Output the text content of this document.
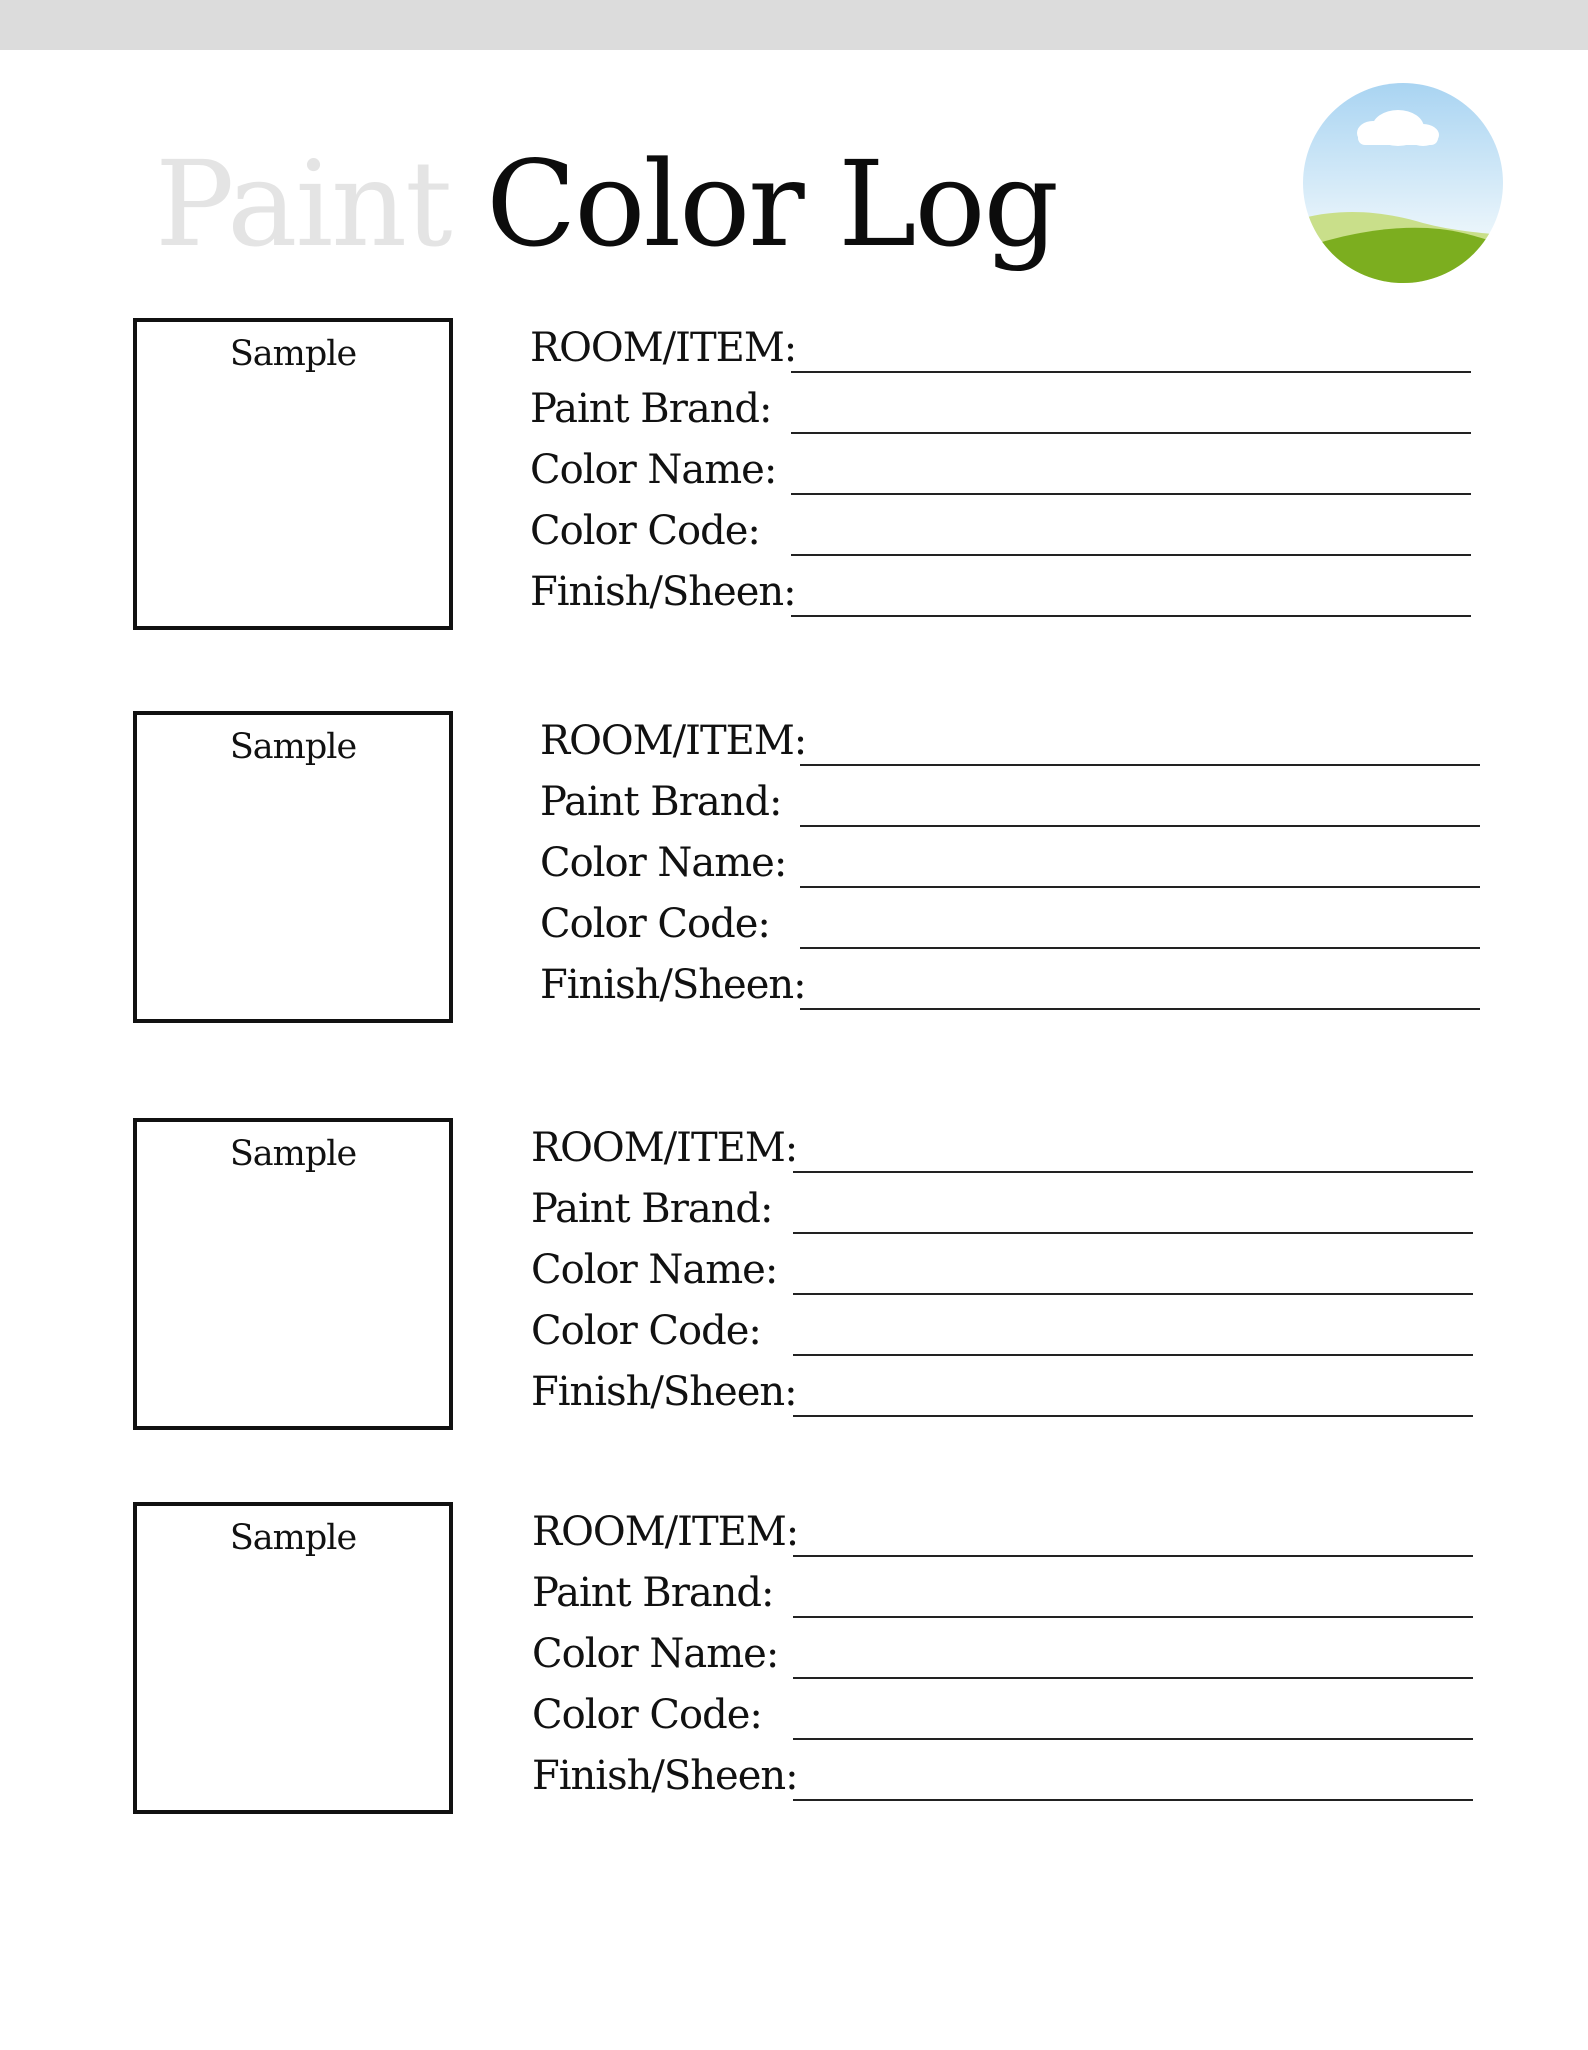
Paint Color Log
Sample	ROOM/ITEM:
Paint Brand:
Color Name:
Color Code:
Finish/Sheen:
Sample	ROOM/ITEM:
Paint Brand:
Color Name:
Color Code:
Finish/Sheen:
Sample	ROOM/ITEM:
Paint Brand:
Color Name:
Color Code:
Finish/Sheen:
Sample	ROOM/ITEM:
Paint Brand:
Color Name:
Color Code:
Finish/Sheen:
